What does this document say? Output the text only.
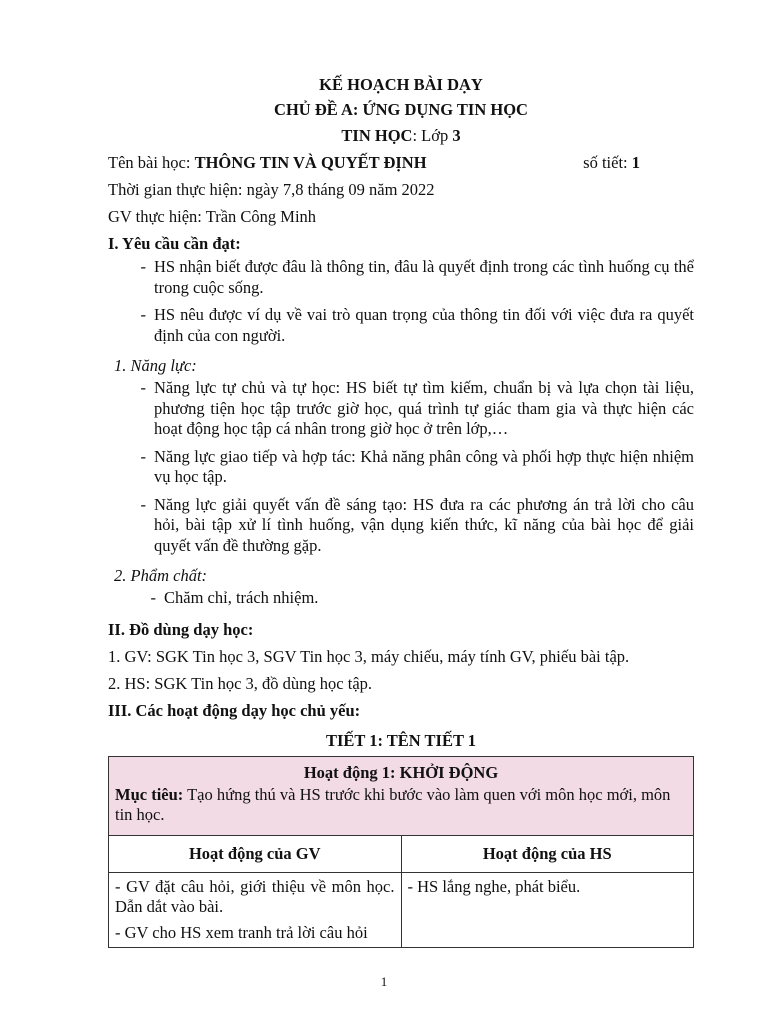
KẾ HOẠCH BÀI DẠY
CHỦ ĐỀ A: ỨNG DỤNG TIN HỌC
TIN HỌC: Lớp 3
Tên bài học: THÔNG TIN VÀ QUYẾT ĐỊNH	số tiết: 1
Thời gian thực hiện: ngày 7,8 tháng 09 năm 2022
GV thực hiện: Trần Công Minh
I. Yêu cầu cần đạt:
- HS nhận biết được đâu là thông tin, đâu là quyết định trong các tình huống cụ thể trong cuộc sống.
- HS nêu được ví dụ về vai trò quan trọng của thông tin đối với việc đưa ra quyết định của con người.
1. Năng lực:
- Năng lực tự chủ và tự học: HS biết tự tìm kiếm, chuẩn bị và lựa chọn tài liệu, phương tiện học tập trước giờ học, quá trình tự giác tham gia và thực hiện các hoạt động học tập cá nhân trong giờ học ở trên lớp,…
- Năng lực giao tiếp và hợp tác: Khả năng phân công và phối hợp thực hiện nhiệm vụ học tập.
- Năng lực giải quyết vấn đề sáng tạo: HS đưa ra các phương án trả lời cho câu hỏi, bài tập xử lí tình huống, vận dụng kiến thức, kĩ năng của bài học để giải quyết vấn đề thường gặp.
2. Phẩm chất:
- Chăm chỉ, trách nhiệm.
II. Đồ dùng dạy học:
1. GV: SGK Tin học 3, SGV Tin học 3, máy chiếu, máy tính GV, phiếu bài tập.
2. HS: SGK Tin học 3, đồ dùng học tập.
III. Các hoạt động dạy học chủ yếu:
TIẾT 1: TÊN TIẾT 1
Hoạt động 1: KHỞI ĐỘNG
Mục tiêu: Tạo hứng thú và HS trước khi bước vào làm quen với môn học mới, môn tin học.	

Hoạt động của GV	Hoạt động của HS

- GV đặt câu hỏi, giới thiệu về môn học. Dẫn dắt vào bài.
- GV cho HS xem tranh trả lời câu hỏi	- HS lắng nghe, phát biểu.
1
